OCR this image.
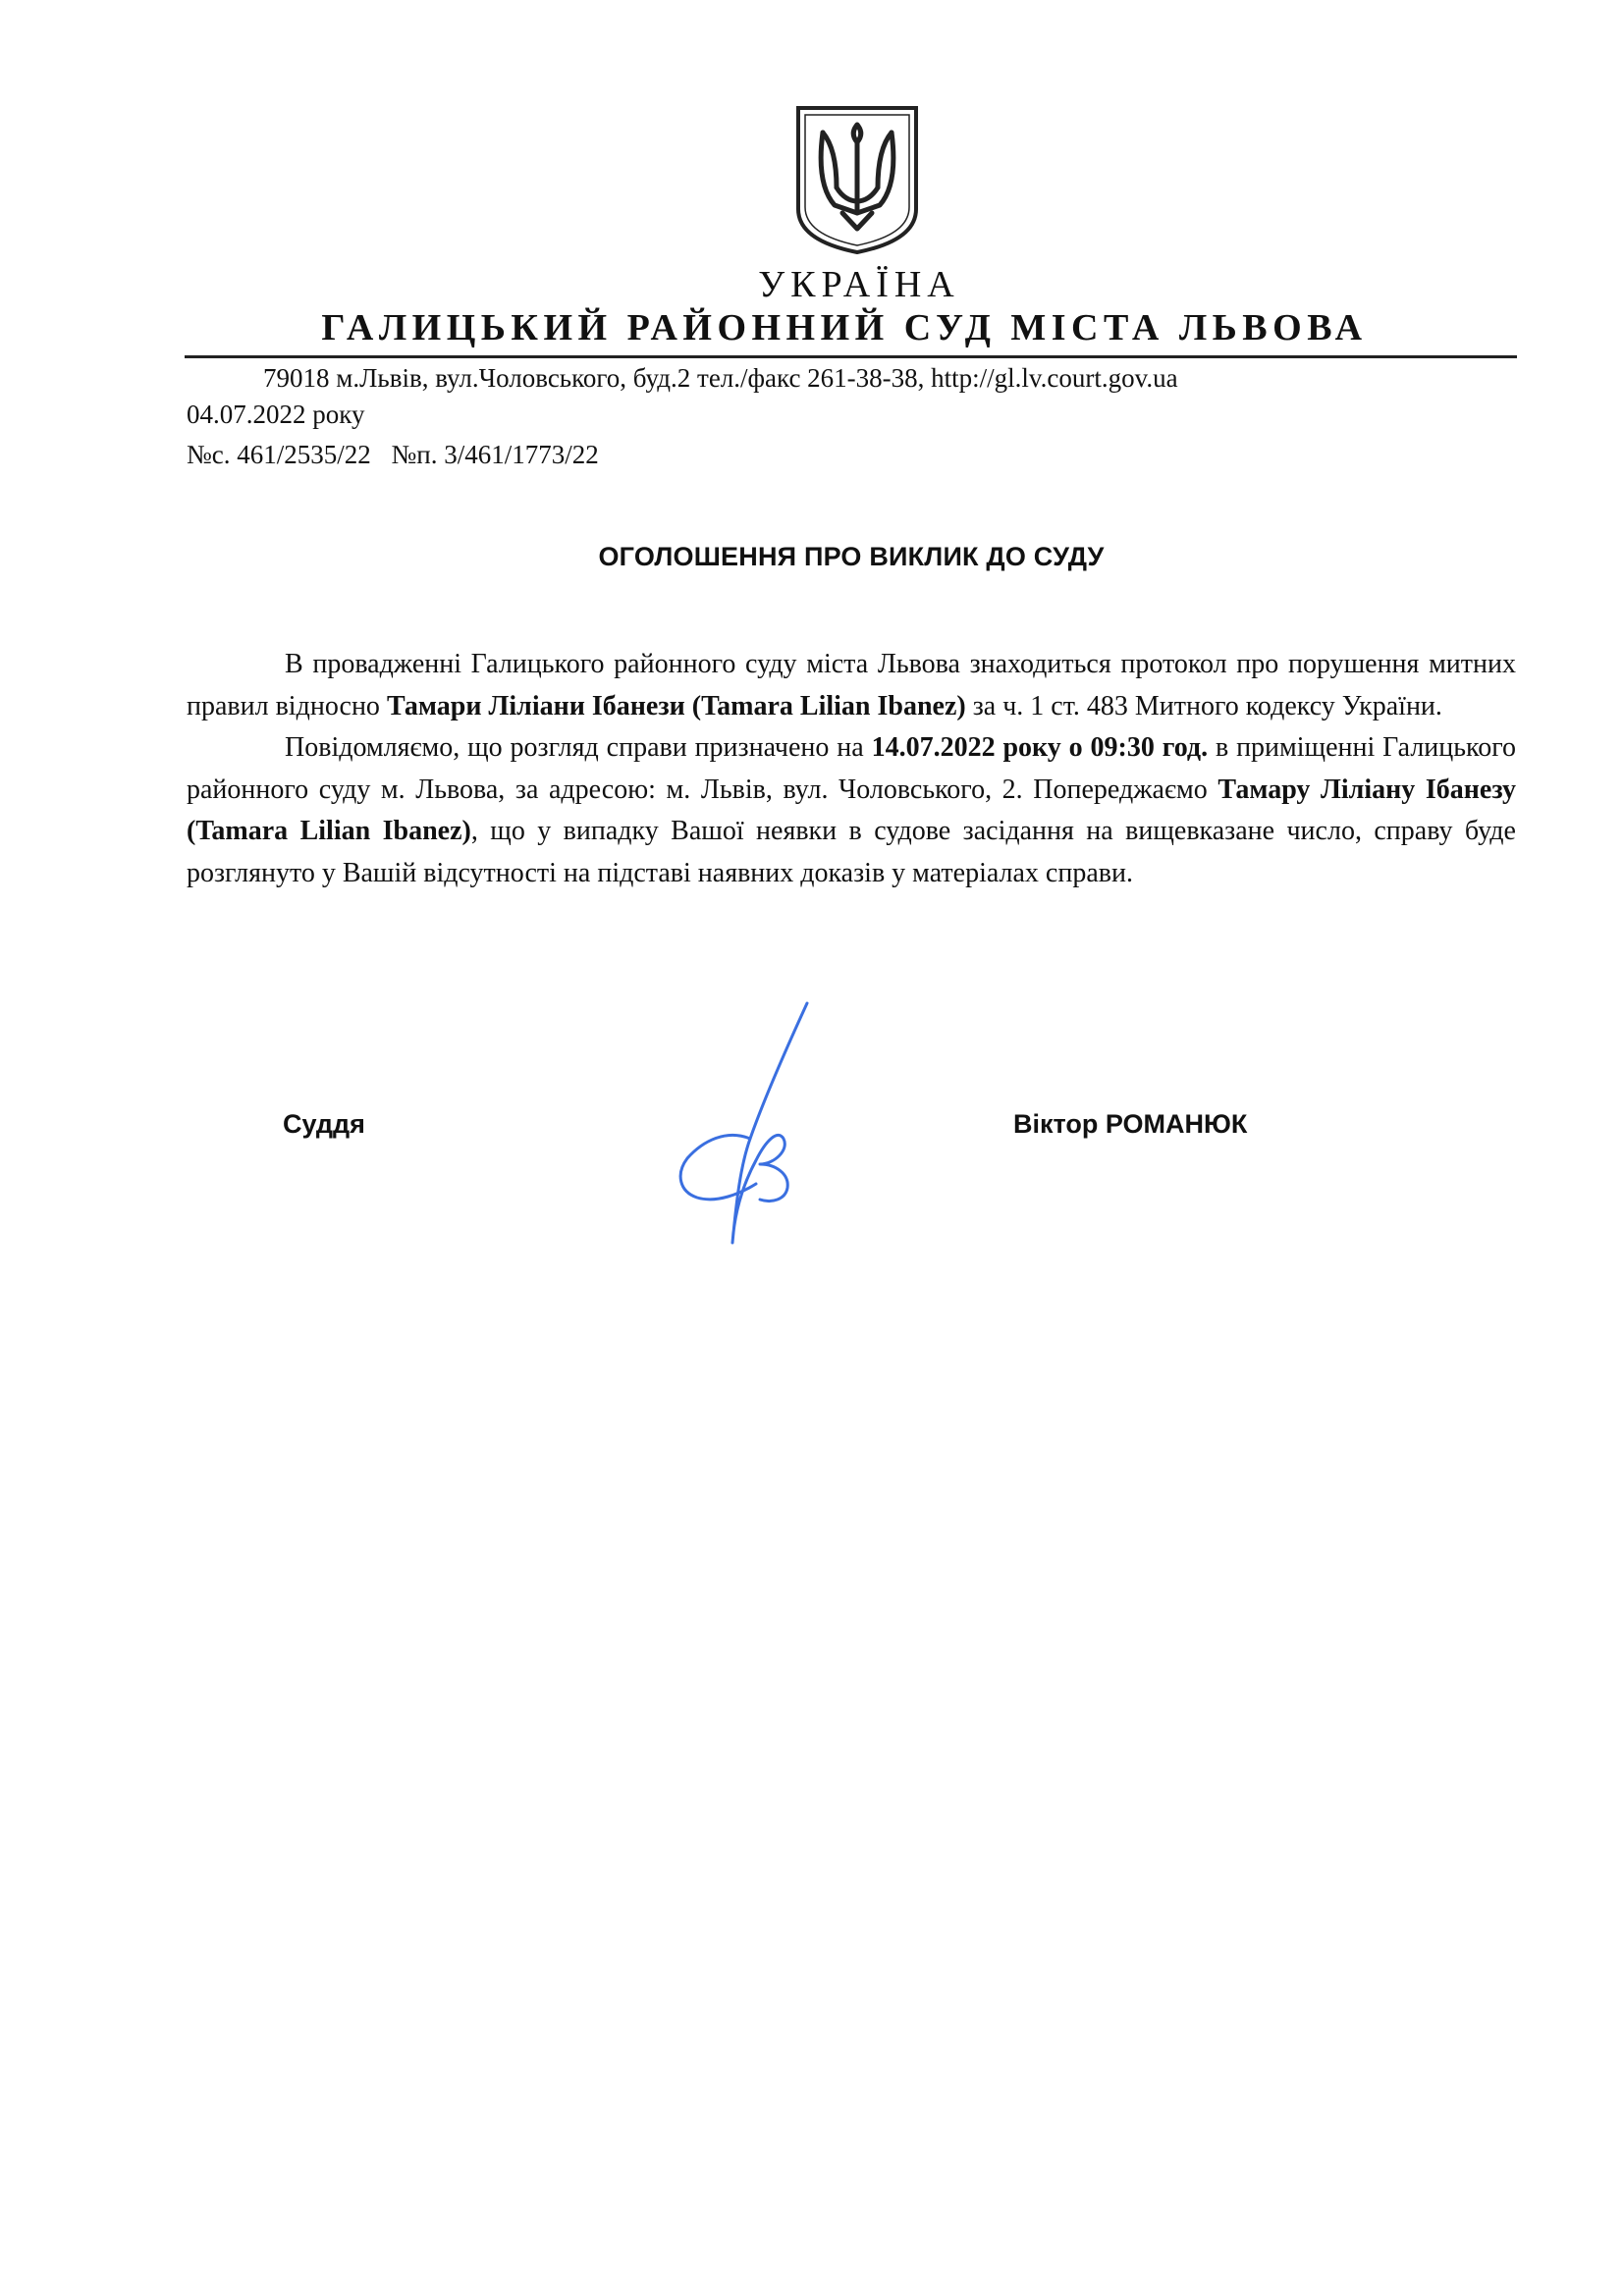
УКРАЇНА
ГАЛИЦЬКИЙ РАЙОННИЙ СУД МІСТА ЛЬВОВА
79018 м.Львів, вул.Чоловського, буд.2 тел./факс 261-38-38, http://gl.lv.court.gov.ua
04.07.2022 року
№с. 461/2535/22 №п. 3/461/1773/22
ОГОЛОШЕННЯ ПРО ВИКЛИК ДО СУДУ

В провадженні Галицького районного суду міста Львова знаходиться протокол про порушення митних правил відносно Тамари Ліліани Ібанези (Tamara Lilian Ibanez) за ч. 1 ст. 483 Митного кодексу України.

Повідомляємо, що розгляд справи призначено на 14.07.2022 року о 09:30 год. в приміщенні Галицького районного суду м. Львова, за адресою: м. Львів, вул. Чоловського, 2. Попереджаємо Тамару Ліліану Ібанезу (Tamara Lilian Ibanez), що у випадку Вашої неявки в судове засідання на вищевказане число, справу буде розглянуто у Вашій відсутності на підставі наявних доказів у матеріалах справи.

Суддя	Віктор РОМАНЮК
